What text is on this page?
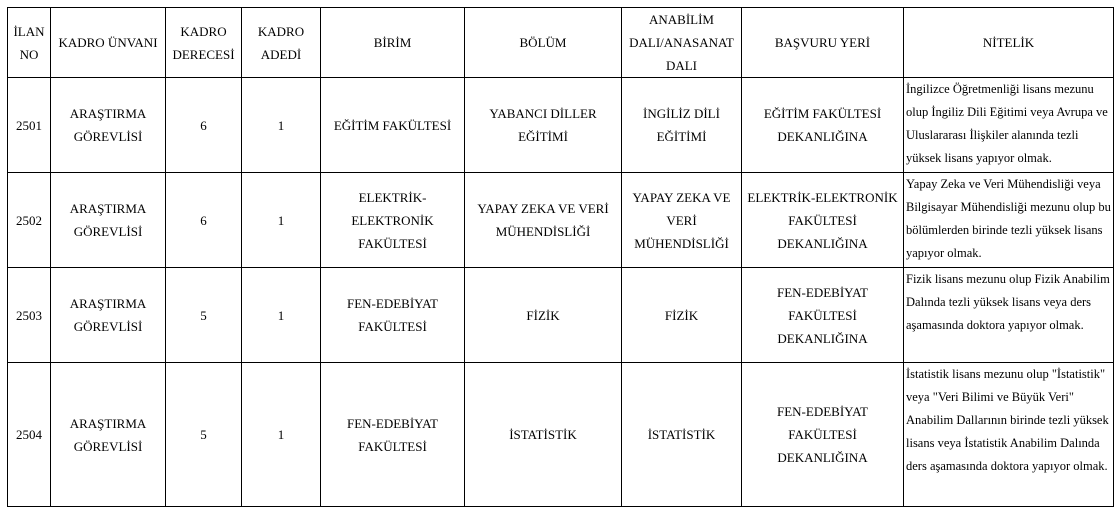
İLAN NO	KADRO ÜNVANI	KADRO DERECESİ	KADRO ADEDİ	BİRİM	BÖLÜM	ANABİLİM DALI/ANASANAT DALI	BAŞVURU YERİ	NİTELİK
2501	ARAŞTIRMA GÖREVLİSİ	6	1	EĞİTİM FAKÜLTESİ	YABANCI DİLLER EĞİTİMİ	İNGİLİZ DİLİ EĞİTİMİ	EĞİTİM FAKÜLTESİ DEKANLIĞINA	İngilizce Öğretmenliği lisans mezunu olup İngiliz Dili Eğitimi veya Avrupa ve Uluslararası İlişkiler alanında tezli yüksek lisans yapıyor olmak.
2502	ARAŞTIRMA GÖREVLİSİ	6	1	ELEKTRİK-ELEKTRONİK FAKÜLTESİ	YAPAY ZEKA VE VERİ MÜHENDİSLİĞİ	YAPAY ZEKA VE VERİ MÜHENDİSLİĞİ	ELEKTRİK-ELEKTRONİK FAKÜLTESİ DEKANLIĞINA	Yapay Zeka ve Veri Mühendisliği veya Bilgisayar Mühendisliği mezunu olup bu bölümlerden birinde tezli yüksek lisans yapıyor olmak.
2503	ARAŞTIRMA GÖREVLİSİ	5	1	FEN-EDEBİYAT FAKÜLTESİ	FİZİK	FİZİK	FEN-EDEBİYAT FAKÜLTESİ DEKANLIĞINA	Fizik lisans mezunu olup Fizik Anabilim Dalında tezli yüksek lisans veya ders aşamasında doktora yapıyor olmak.
2504	ARAŞTIRMA GÖREVLİSİ	5	1	FEN-EDEBİYAT FAKÜLTESİ	İSTATİSTİK	İSTATİSTİK	FEN-EDEBİYAT FAKÜLTESİ DEKANLIĞINA	İstatistik lisans mezunu olup "İstatistik" veya "Veri Bilimi ve Büyük Veri" Anabilim Dallarının birinde tezli yüksek lisans veya İstatistik Anabilim Dalında ders aşamasında doktora yapıyor olmak.
